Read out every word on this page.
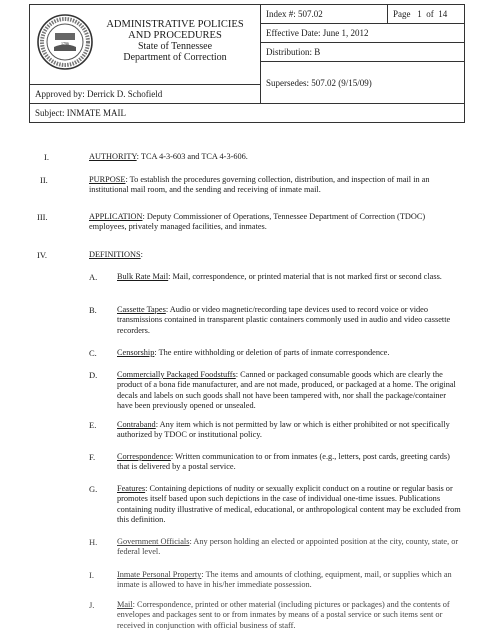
1796
ADMINISTRATIVE POLICIES
AND PROCEDURES
State of Tennessee
Department of Correction
	Index #: 507.02	Page 1 of 14
Effective Date: June 1, 2012
Distribution: B
Supersedes: 507.02 (9/15/09)
Approved by: Derrick D. Schofield
Subject: INMATE MAIL
I.	AUTHORITY: TCA 4-3-603 and TCA 4-3-606.
II.	PURPOSE: To establish the procedures governing collection, distribution, and inspection of mail in an institutional mail room, and the sending and receiving of inmate mail.
III.	APPLICATION: Deputy Commissioner of Operations, Tennessee Department of Correction (TDOC) employees, privately managed facilities, and inmates.
IV.	DEFINITIONS:
A. Bulk Rate Mail: Mail, correspondence, or printed material that is not marked first or second class.
B. Cassette Tapes: Audio or video magnetic/recording tape devices used to record voice or video transmissions contained in transparent plastic containers commonly used in audio and video cassette recorders.
C. Censorship: The entire withholding or deletion of parts of inmate correspondence.
D. Commercially Packaged Foodstuffs: Canned or packaged consumable goods which are clearly the product of a bona fide manufacturer, and are not made, produced, or packaged at a home. The original decals and labels on such goods shall not have been tampered with, nor shall the package/container have been previously opened or unsealed.
E. Contraband: Any item which is not permitted by law or which is either prohibited or not specifically authorized by TDOC or institutional policy.
F.	Correspondence: Written communication to or from inmates (e.g., letters, post cards, greeting cards) that is delivered by a postal service.
G. Features: Containing depictions of nudity or sexually explicit conduct on a routine or regular basis or promotes itself based upon such depictions in the case of individual one-time issues. Publications containing nudity illustrative of medical, educational, or anthropological content may be excluded from this definition.
H. Government Officials: Any person holding an elected or appointed position at the city, county, state, or federal level.
I.	Inmate Personal Property: The items and amounts of clothing, equipment, mail, or supplies which an inmate is allowed to have in his/her immediate possession.
J.	Mail: Correspondence, printed or other material (including pictures or packages) and the contents of envelopes and packages sent to or from inmates by means of a postal service or such items sent or received in conjunction with official business of staff.
